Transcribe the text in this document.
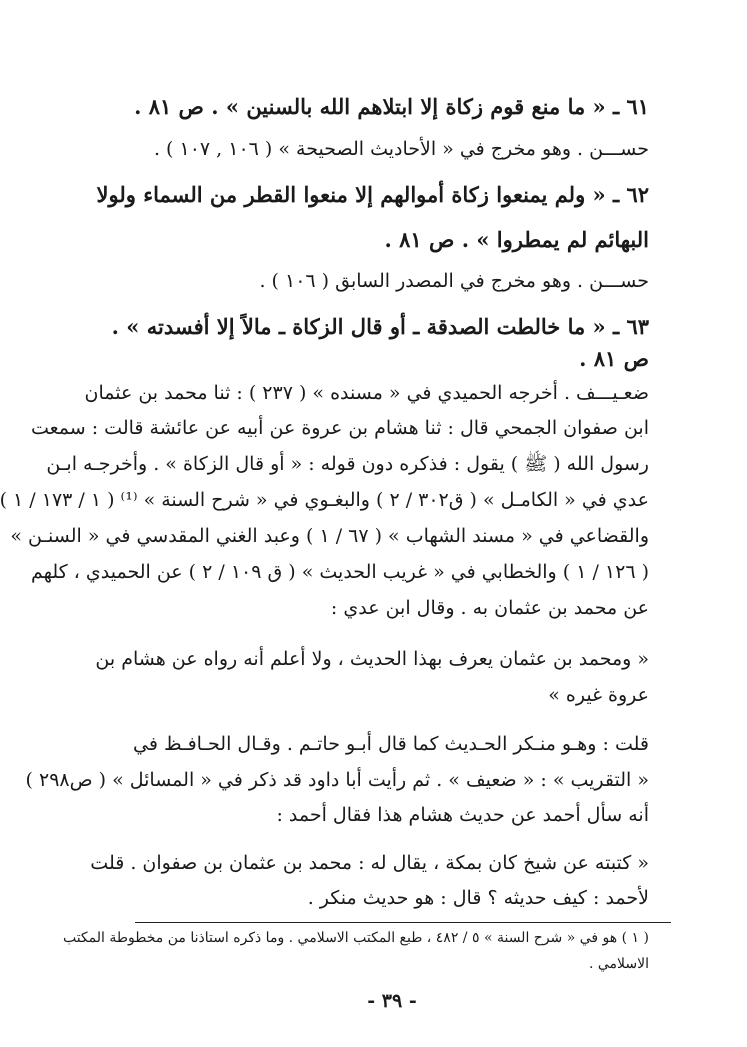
٦١ ـ « ما منع قوم زكاة إلا ابتلاهم الله بالسنين » . ص ٨١ .
حســـن . وهو مخرج في « الأحاديث الصحيحة » ( ١٠٦ , ١٠٧ ) .
٦٢ ـ « ولم يمنعوا زكاة أموالهم إلا منعوا القطر من السماء ولولا
البهائم لم يمطروا » . ص ٨١ .
حســـن . وهو مخرج في المصدر السابق ( ١٠٦ ) .
٦٣ ـ « ما خالطت الصدقة ـ أو قال الزكاة ـ مالاً إلا أفسدته » .
ص ٨١ .
ضعـيـــف . أخرجه الحميدي في « مسنده » ( ٢٣٧ ) : ثنا محمد بن عثمان
ابن صفوان الجمحي قال : ثنا هشام بن عروة عن أبيه عن عائشة قالت : سمعت
رسول الله ( ﷺ ) يقول : فذكره دون قوله : « أو قال الزكاة » . وأخرجـه ابـن
عدي في « الكامـل » ( ق٣٠٢ / ٢ ) والبغـوي في « شرح السنة » ⁽¹⁾ ( ١ / ١٧٣ / ١ )
والقضاعي في « مسند الشهاب » ( ٦٧ / ١ ) وعبد الغني المقدسي في « السنـن »
( ١٢٦ / ١ ) والخطابي في « غريب الحديث » ( ق ١٠٩ / ٢ ) عن الحميدي ، كلهم
عن محمد بن عثمان به . وقال ابن عدي :
« ومحمد بن عثمان يعرف بهذا الحديث ، ولا أعلم أنه رواه عن هشام بن
عروة غيره »
قلت : وهـو منـكر الحـديث كما قال أبـو حاتـم . وقـال الحـافـظ في
« التقريب » : « ضعيف » . ثم رأيت أبا داود قد ذكر في « المسائل » ( ص٢٩٨ )
أنه سأل أحمد عن حديث هشام هذا فقال أحمد :
« كتبته عن شيخ كان بمكة ، يقال له : محمد بن عثمان بن صفوان . قلت
لأحمد : كيف حديثه ؟ قال : هو حديث منكر .
( ١ ) هو في « شرح السنة » ٥ / ٤٨٢ ، طبع المكتب الاسلامي . وما ذكره استاذنا من مخطوطة المكتب
الاسلامي .
- ٣٩ -
